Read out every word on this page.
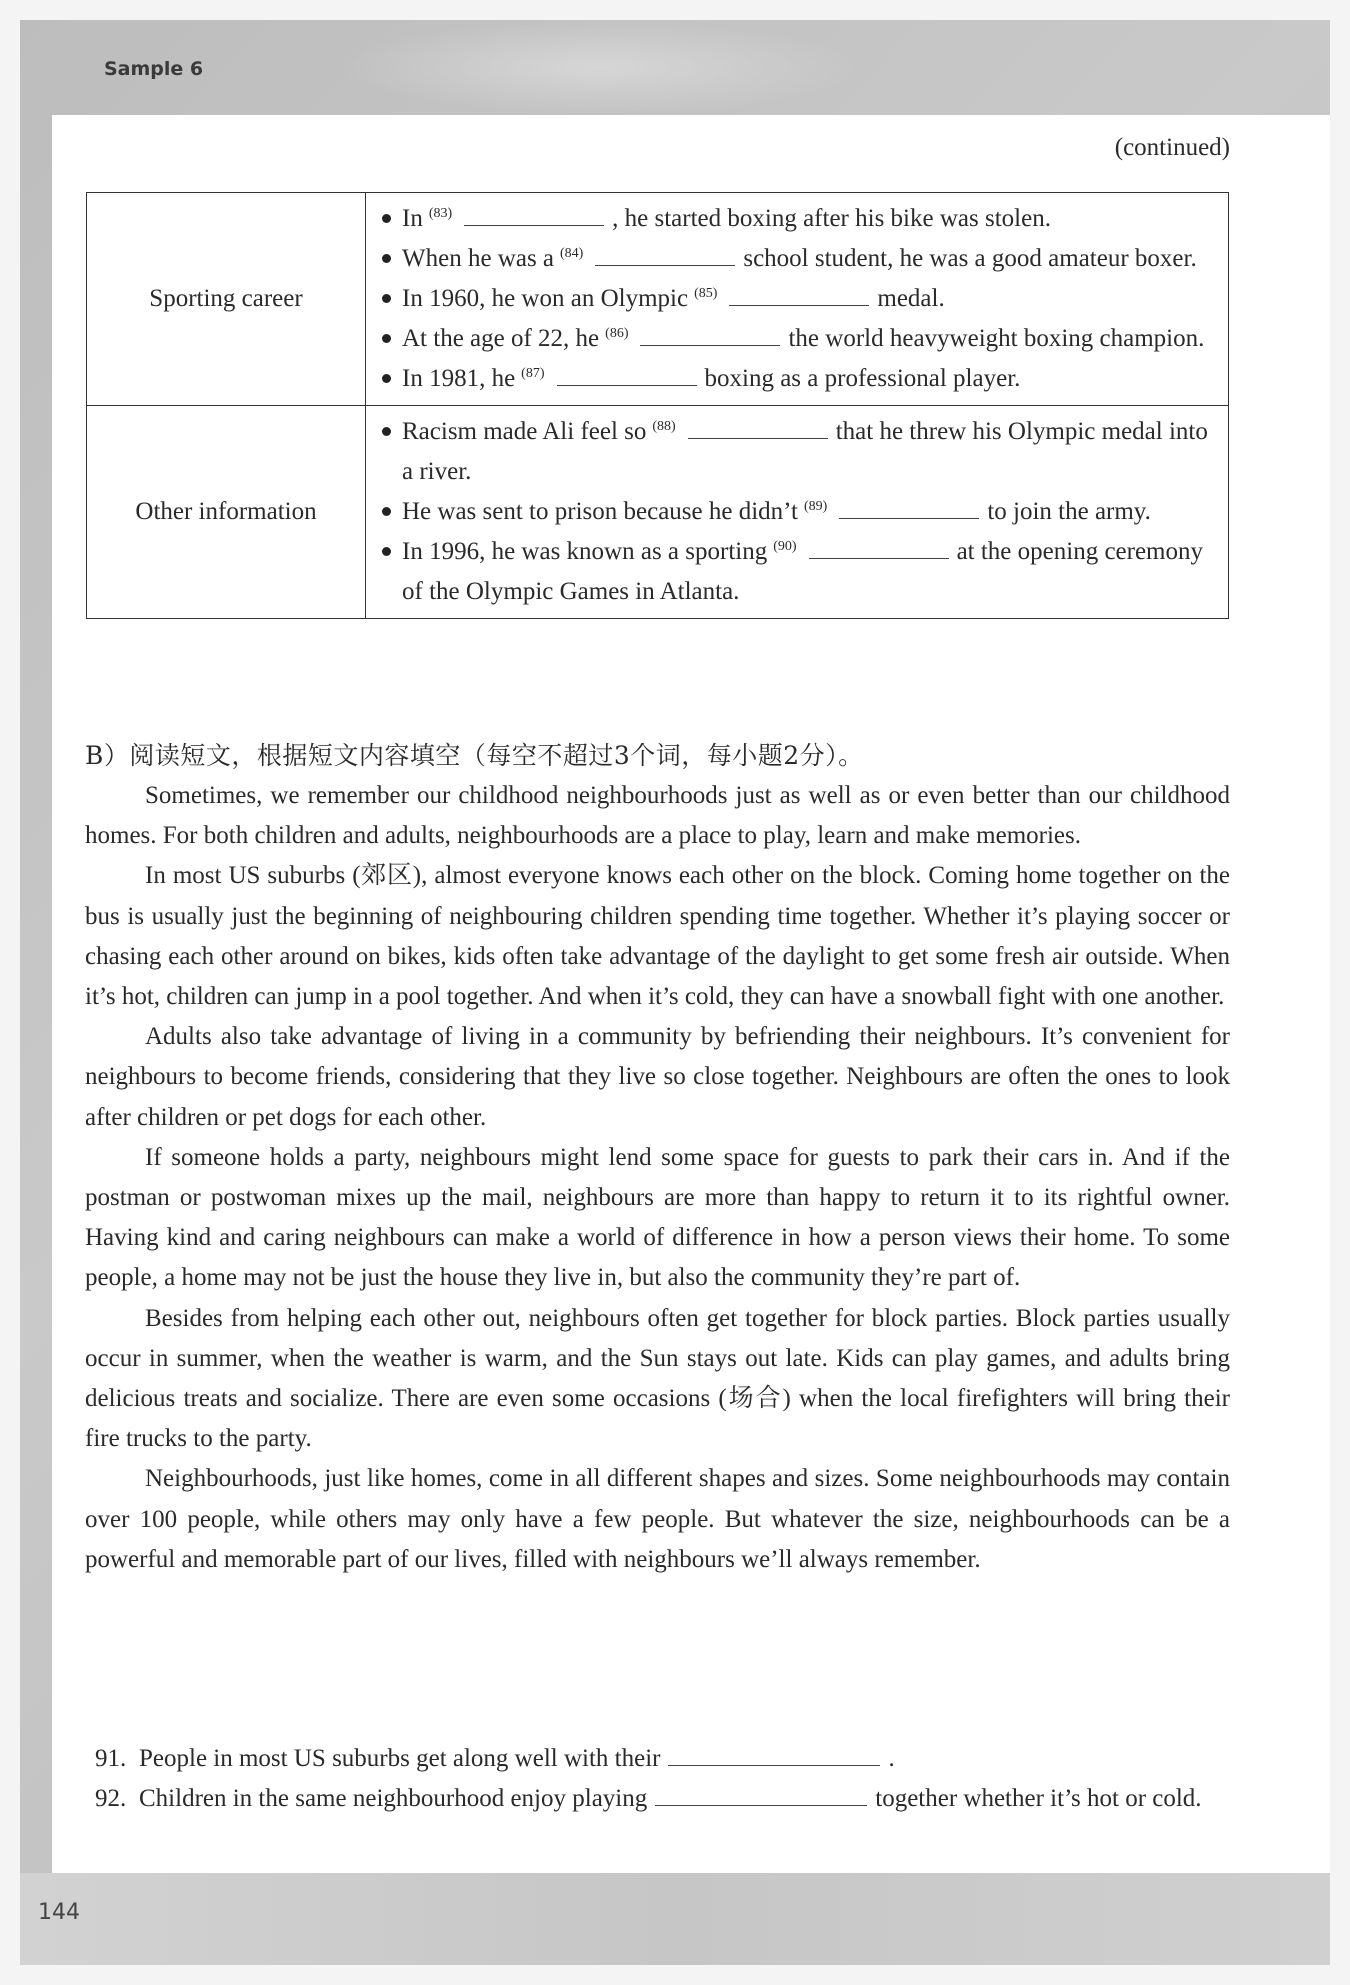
Sample 6
144
(continued)
Sporting career	In $^{(83)}$ , he started boxing after his bike was stolen.
When he was a $^{(84)}$ school student, he was a good amateur boxer.
In 1960, he won an Olympic $^{(85)}$ medal.
At the age of 22, he $^{(86)}$ the world heavyweight boxing champion.
In 1981, he $^{(87)}$ boxing as a professional player.

Other information	Racism made Ali feel so $^{(88)}$ that he threw his Olympic medal into a river.
He was sent to prison because he didn’t $^{(89)}$ to join the army.
In 1996, he was known as a sporting $^{(90)}$ at the opening ceremony of the Olympic Games in Atlanta.
B）阅读短文，根据短文内容填空（每空不超过3个词，每小题2分）。

Sometimes, we remember our childhood neighbourhoods just as well as or even better than our childhood homes. For both children and adults, neighbourhoods are a place to play, learn and make memories.

In most US suburbs (郊区), almost everyone knows each other on the block. Coming home together on the bus is usually just the beginning of neighbouring children spending time together. Whether it’s playing soccer or chasing each other around on bikes, kids often take advantage of the daylight to get some fresh air outside. When it’s hot, children can jump in a pool together. And when it’s cold, they can have a snowball fight with one another.

Adults also take advantage of living in a community by befriending their neighbours. It’s convenient for neighbours to become friends, considering that they live so close together. Neighbours are often the ones to look after children or pet dogs for each other.

If someone holds a party, neighbours might lend some space for guests to park their cars in. And if the postman or postwoman mixes up the mail, neighbours are more than happy to return it to its rightful owner. Having kind and caring neighbours can make a world of difference in how a person views their home. To some people, a home may not be just the house they live in, but also the community they’re part of.

Besides from helping each other out, neighbours often get together for block parties. Block parties usually occur in summer, when the weather is warm, and the Sun stays out late. Kids can play games, and adults bring delicious treats and socialize. There are even some occasions (场合) when the local firefighters will bring their fire trucks to the party.

Neighbourhoods, just like homes, come in all different shapes and sizes. Some neighbourhoods may contain over 100 people, while others may only have a few people. But whatever the size, neighbourhoods can be a powerful and memorable part of our lives, filled with neighbours we’ll always remember.

91. People in most US suburbs get along well with their	.
92. Children in the same neighbourhood enjoy playing	together whether it’s hot or cold.
